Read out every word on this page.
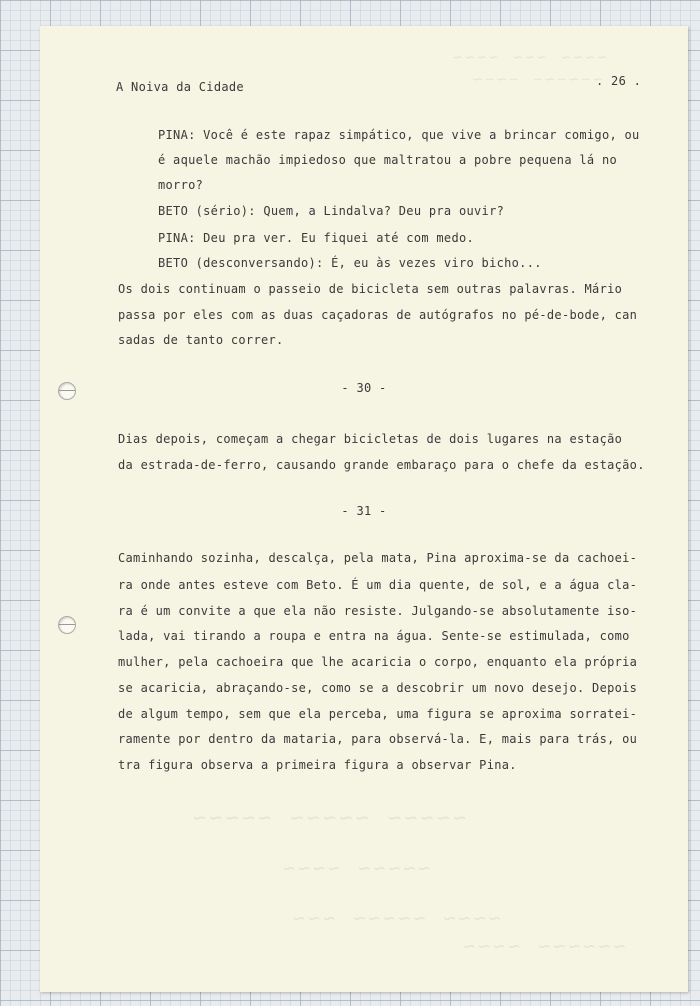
~~~~ ~~~ ~~~~
~~~~~~ ~~~~
~~~~~ ~~~~~ ~~~~~
~~~~~ ~~~~
~~~~ ~~~~~ ~~~
~~~~~~ ~~~~
A Noiva da Cidade	. 26 .
PINA: Você é este rapaz simpático, que vive a brincar comigo, ou
é aquele machão impiedoso que maltratou a pobre pequena lá no
morro?
BETO (sério): Quem, a Lindalva? Deu pra ouvir?
PINA: Deu pra ver. Eu fiquei até com medo.
BETO (desconversando): É, eu às vezes viro bicho...
Os dois continuam o passeio de bicicleta sem outras palavras. Mário
passa por eles com as duas caçadoras de autógrafos no pé-de-bode, can
sadas de tanto correr.
- 30 -
Dias depois, começam a chegar bicicletas de dois lugares na estação
da estrada-de-ferro, causando grande embaraço para o chefe da estação.
- 31 -
Caminhando sozinha, descalça, pela mata, Pina aproxima-se da cachoei-
ra onde antes esteve com Beto. É um dia quente, de sol, e a água cla-
ra é um convite a que ela não resiste. Julgando-se absolutamente iso-
lada, vai tirando a roupa e entra na água. Sente-se estimulada, como
mulher, pela cachoeira que lhe acaricia o corpo, enquanto ela própria
se acaricia, abraçando-se, como se a descobrir um novo desejo. Depois
de algum tempo, sem que ela perceba, uma figura se aproxima sorratei-
ramente por dentro da mataria, para observá-la. E, mais para trás, ou
tra figura observa a primeira figura a observar Pina.
